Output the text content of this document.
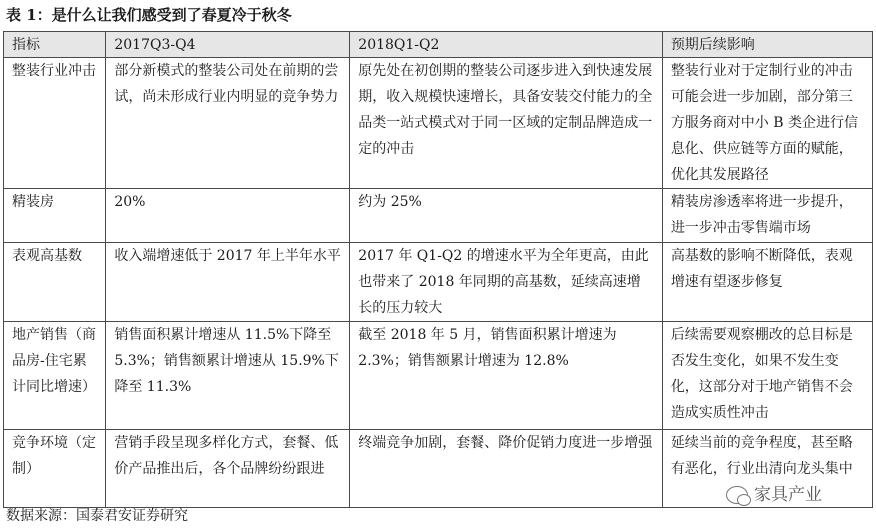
表 1：是什么让我们感受到了春夏冷于秋冬
指标	2017Q3-Q4	2018Q1-Q2	预期后续影响
整装行业冲击	部分新模式的整装公司处在前期的尝试，尚未形成行业内明显的竞争势力	原先处在初创期的整装公司逐步进入到快速发展期，收入规模快速增长，具备安装交付能力的全品类一站式模式对于同一区域的定制品牌造成一定的冲击	整装行业对于定制行业的冲击可能会进一步加剧，部分第三方服务商对中小 B 类企进行信息化、供应链等方面的赋能，优化其发展路径
精装房	20%	约为 25%	精装房渗透率将进一步提升，进一步冲击零售端市场
表观高基数	收入端增速低于 2017 年上半年水平	2017 年 Q1-Q2 的增速水平为全年更高，由此也带来了 2018 年同期的高基数，延续高速增长的压力较大	高基数的影响不断降低，表观增速有望逐步修复
地产销售（商品房-住宅累计同比增速）	销售面积累计增速从 11.5%下降至 5.3%；销售额累计增速从 15.9%下降至 11.3%	截至 2018 年 5 月，销售面积累计增速为 2.3%；销售额累计增速为 12.8%	后续需要观察棚改的总目标是否发生变化，如果不发生变化，这部分对于地产销售不会造成实质性冲击
竞争环境（定制）	营销手段呈现多样化方式，套餐、低价产品推出后，各个品牌纷纷跟进	终端竞争加剧，套餐、降价促销力度进一步增强	延续当前的竞争程度，甚至略有恶化，行业出清向龙头集中
家具产业
数据来源：国泰君安证券研究
